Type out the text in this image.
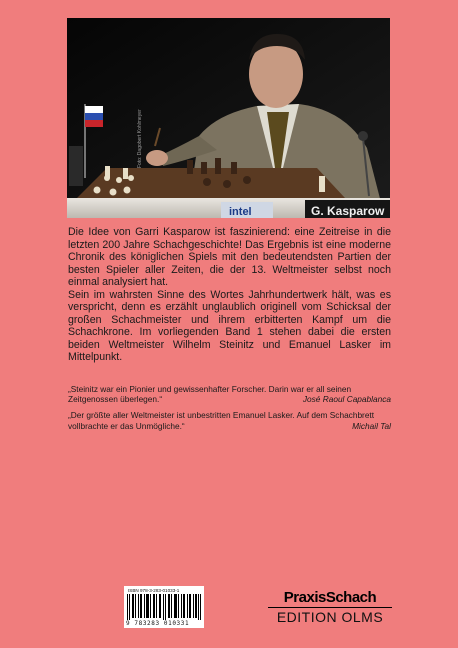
intel	G. Kasparow
Foto: Dagobert Kohlmeyer

Die Idee von Garri Kasparow ist faszinierend: eine Zeitreise in die letzten 200 Jahre Schachgeschichte! Das Ergebnis ist eine moderne Chronik des königlichen Spiels mit den bedeutendsten Partien der besten Spieler aller Zeiten, die der 13. Weltmeister selbst noch einmal analysiert hat.

Sein im wahrsten Sinne des Wortes Jahrhundertwerk hält, was es verspricht, denn es erzählt unglaublich originell vom Schicksal der großen Schachmeister und ihrem erbitterten Kampf um die Schachkrone. Im vorliegenden Band 1 stehen dabei die ersten beiden Weltmeister Wilhelm Steinitz und Emanuel Lasker im Mittelpunkt.

„Steinitz war ein Pionier und gewissenhafter Forscher. Darin war er all seinen Zeitgenossen überlegen.“	José Raoul Capablanca
„Der größte aller Weltmeister ist unbestritten Emanuel Lasker. Auf dem Schachbrett vollbrachte er das Unmögliche.“	Michail Tal
ISBN 978-3-283-01033-1
9 783283 010331
PraxisSchach
EDITION OLMS
